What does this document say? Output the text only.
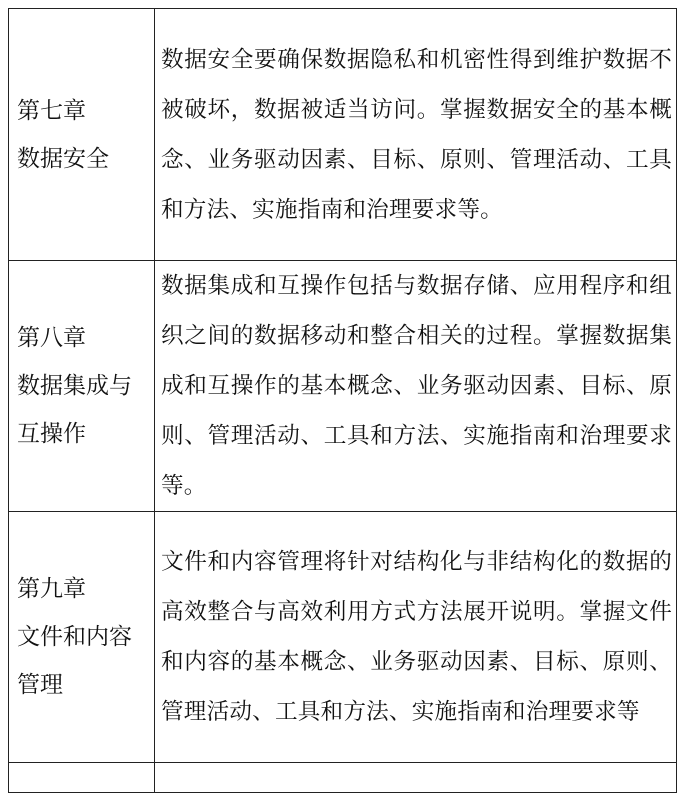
第七章
数据安全	数据安全要确保数据隐私和机密性得到维护数据不被破坏，数据被适当访问。掌握数据安全的基本概念、业务驱动因素、目标、原则、管理活动、工具和方法、实施指南和治理要求等。

第八章
数据集成与
互操作	数据集成和互操作包括与数据存储、应用程序和组织之间的数据移动和整合相关的过程。掌握数据集成和互操作的基本概念、业务驱动因素、目标、原则、管理活动、工具和方法、实施指南和治理要求等。

第九章
文件和内容
管理	文件和内容管理将针对结构化与非结构化的数据的高效整合与高效利用方式方法展开说明。掌握文件和内容的基本概念、业务驱动因素、目标、原则、管理活动、工具和方法、实施指南和治理要求等
